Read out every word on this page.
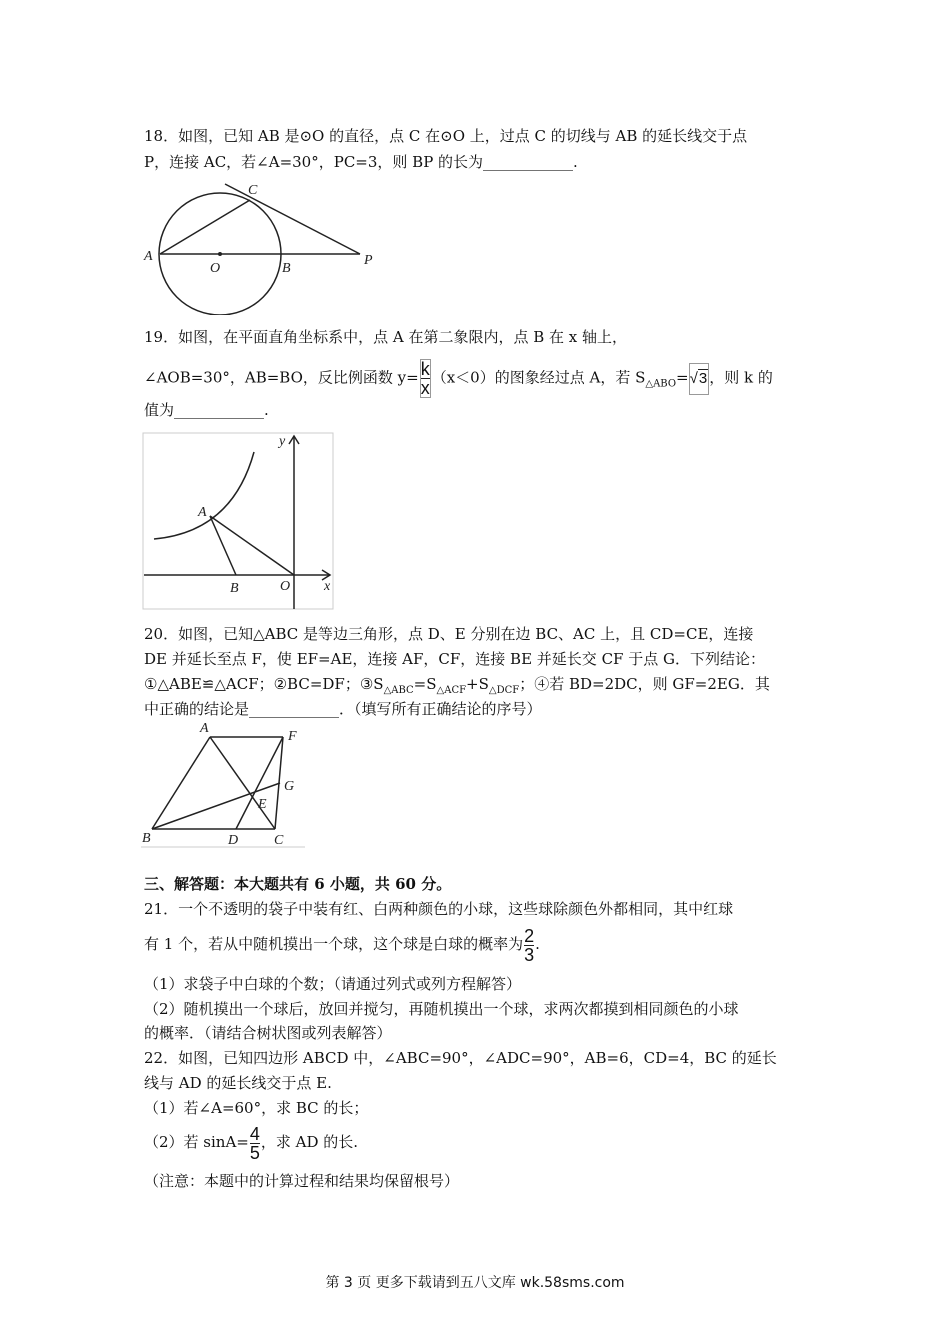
18．如图，已知 AB 是⊙O 的直径，点 C 在⊙O 上，过点 C 的切线与 AB 的延长线交于点
P，连接 AC，若∠A=30°，PC=3，则 BP 的长为____________.
C
A
O	B
P
19．如图，在平面直角坐标系中，点 A 在第二象限内，点 B 在 x 轴上，
∠AOB=30°，AB=BO，反比例函数 $y= \frac{k}{x} (x<0)$的图象经过点 A，若 $S_{\triangle ABO}=√3$ ，则 k 的
值为____________.
y
A
B	O x
20．如图，已知△ABC 是等边三角形，点 D、E 分别在边 BC、AC 上，且 CD=CE，连接
DE 并延长至点 F，使 EF=AE，连接 AF，CF，连接 BE 并延长交 CF 于点 G．下列结论：
①△ABE≌△ACF；②BC=DF；$③S_{\triangle ABC}=S_{\triangle ACF}+S_{\triangle DCF}$；④若 BD=2DC，则 GF=2EG．其
中正确的结论是____________．（填写所有正确结论的序号）
A
F
G
E
B	D	C
三、解答题：本大题共有 6 小题，共 60 分。
21．一个不透明的袋子中装有红、白两种颜色的小球，这些球除颜色外都相同，其中红球
有 1 个，若从中随机摸出一个球，这个球是白球的概率为 $\frac{2}{3}$ .
（1）求袋子中白球的个数；（请通过列式或列方程解答）
（2）随机摸出一个球后，放回并搅匀，再随机摸出一个球，求两次都摸到相同颜色的小球
的概率．（请结合树状图或列表解答）
22．如图，已知四边形 ABCD 中，∠ABC=90°，∠ADC=90°，AB=6，CD=4，BC 的延长
线与 AD 的延长线交于点 E.
（1）若∠A=60°，求 BC 的长；
（2）若 $\sin A= \frac{4}{5}$ ，求 AD 的长.
（注意：本题中的计算过程和结果均保留根号）
第 3 页 更多下载请到五八文库 wk.58sms.com
